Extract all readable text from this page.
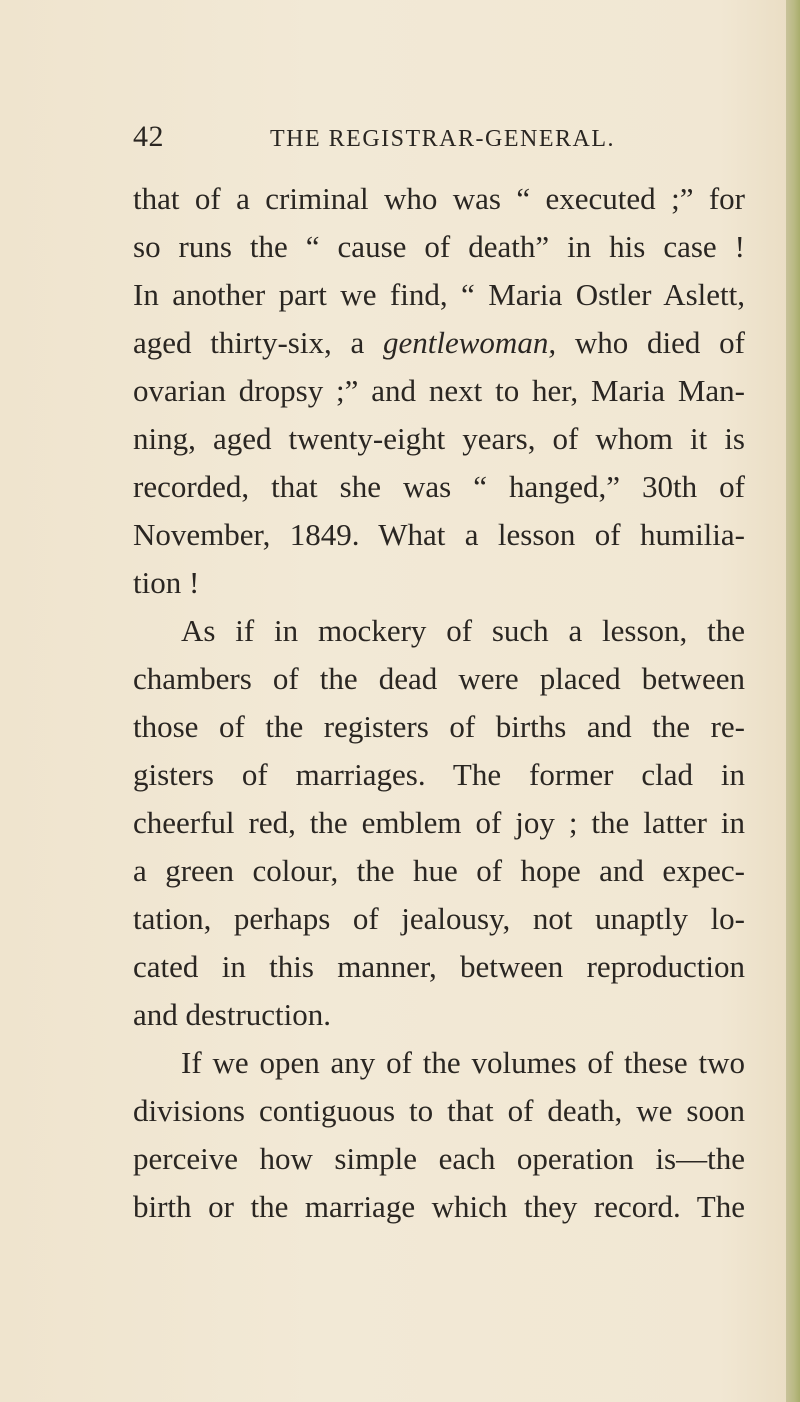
42	THE REGISTRAR-GENERAL.
that of a criminal who was “ executed ;” for
so runs the “ cause of death” in his case !
In another part we find, “ Maria Ostler Aslett,
aged thirty-six, a gentlewoman, who died of
ovarian dropsy ;” and next to her, Maria Man-
ning, aged twenty-eight years, of whom it is
recorded, that she was “ hanged,” 30th of
November, 1849. What a lesson of humilia-
tion !
As if in mockery of such a lesson, the
chambers of the dead were placed between
those of the registers of births and the re-
gisters of marriages. The former clad in
cheerful red, the emblem of joy ; the latter in
a green colour, the hue of hope and expec-
tation, perhaps of jealousy, not unaptly lo-
cated in this manner, between reproduction
and destruction.
If we open any of the volumes of these two
divisions contiguous to that of death, we soon
perceive how simple each operation is—the
birth or the marriage which they record. The
